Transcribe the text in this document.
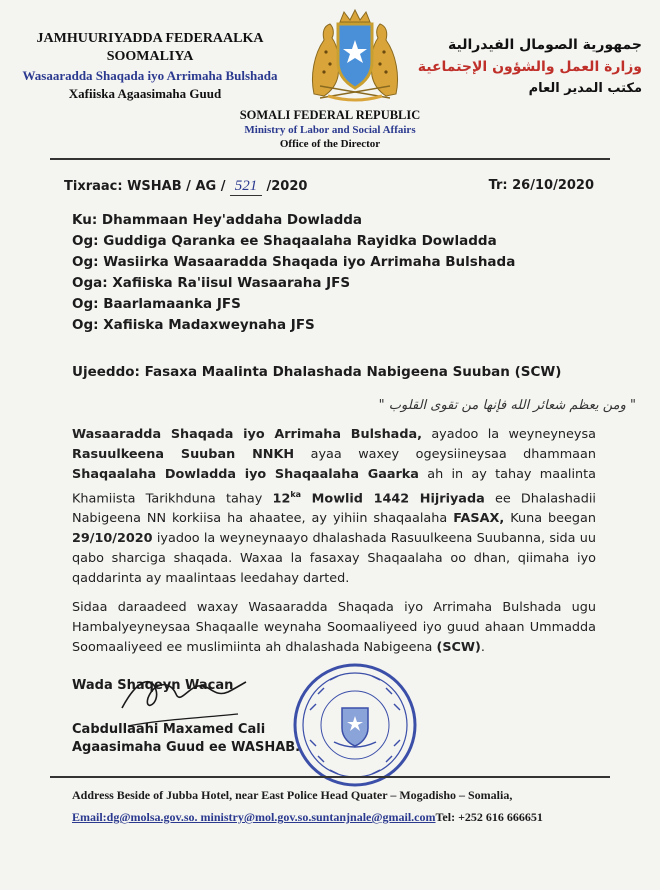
JAMHUURIYADDA FEDERAALKA
SOOMALIYA
Wasaaradda Shaqada iyo Arrimaha Bulshada
Xafiiska Agaasimaha Guud
جمهورية الصومال الفيدرالية
وزارة العمل والشؤون الإجتماعية
مكتب المدير العام
SOMALI FEDERAL REPUBLIC
Ministry of Labor and Social Affairs
Office of the Director
Tixraac: WSHAB / AG / 521 /2020	Tr: 26/10/2020
Ku: Dhammaan Hey'addaha Dowladda
Og: Guddiga Qaranka ee Shaqaalaha Rayidka Dowladda
Og: Wasiirka Wasaaradda Shaqada iyo Arrimaha Bulshada
Oga: Xafiiska Ra'iisul Wasaaraha JFS
Og: Baarlamaanka JFS
Og: Xafiiska Madaxweynaha JFS
Ujeeddo: Fasaxa Maalinta Dhalashada Nabigeena Suuban (SCW)
" ومن يعظم شعائر الله فإنها من تقوى القلوب "
Wasaaradda Shaqada iyo Arrimaha Bulshada, ayadoo la weyneyneysa Rasuulkeena Suuban NNKH ayaa waxey ogeysiineysaa dhammaan Shaqaalaha Dowladda iyo Shaqaalaha Gaarka ah in ay tahay maalinta Khamiista Tarikhduna tahay $12^{ka}$ Mowlid 1442 Hijriyada ee Dhalashadii Nabigeena NN korkiisa ha ahaatee, ay yihiin shaqaalaha FASAX, Kuna beegan 29/10/2020 iyadoo la weyneynaayo dhalashada Rasuulkeena Suubanna, sida uu qabo sharciga shaqada. Waxaa la fasaxay Shaqaalaha oo dhan, qiimaha iyo qaddarinta ay maalintaas leedahay darted.
Sidaa daraadeed waxay Wasaaradda Shaqada iyo Arrimaha Bulshada ugu Hambalyeyneysaa Shaqaalle weynaha Soomaaliyeed iyo guud ahaan Ummadda Soomaaliyeed ee muslimiinta ah dhalashada Nabigeena (SCW).
Wada Shaqeyn Wacan
Cabdullaahi Maxamed Cali
Agaasimaha Guud ee WASHAB.
Address Beside of Jubba Hotel, near East Police Head Quater – Mogadisho – Somalia,
Email:dg@molsa.gov.so. ministry@mol.gov.so.suntanjnale@gmail.comTel: +252 616 666651
